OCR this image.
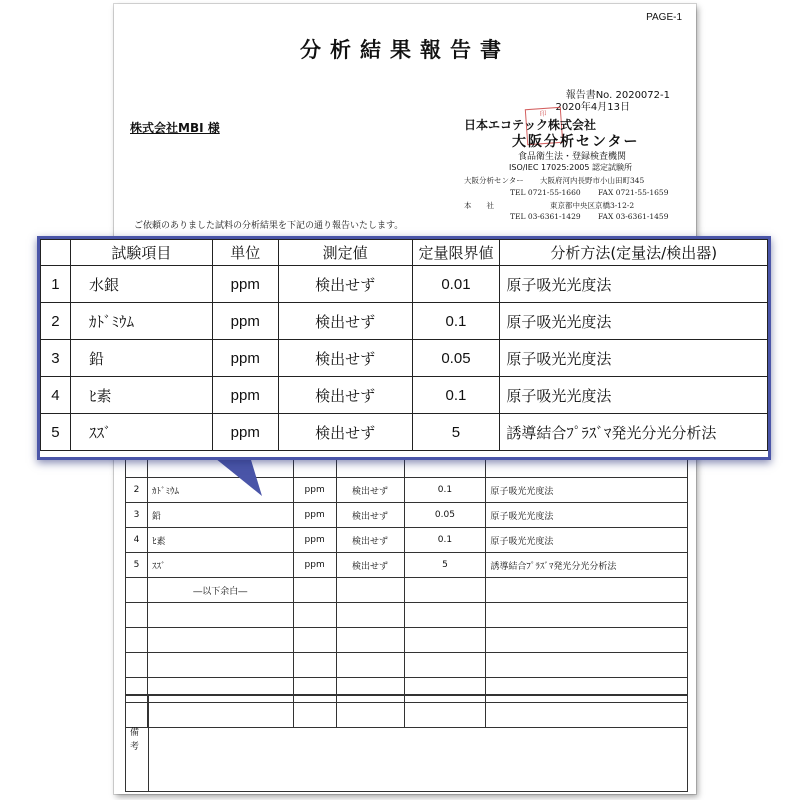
PAGE-1
分析結果報告書
報告書No. 2020072-1
2020年4月13日
株式会社MBI 様
印
日本エコテック株式会社
大阪分析センター
食品衛生法・登録検査機関
ISO/IEC 17025:2005 認定試験所
大阪分析センター 大阪府河内長野市小山田町345
TEL 0721-55-1660 FAX 0721-55-1659
本　　社	東京都中央区京橋3-12-2
TEL 03-6361-1429 FAX 03-6361-1459
ご依頼のありました試料の分析結果を下記の通り報告いたします。

2	ｶﾄﾞﾐｳﾑ	ppm	検出せず	0.1	原子吸光光度法
3	鉛	ppm	検出せず	0.05	原子吸光光度法
4	ﾋ素	ppm	検出せず	0.1	原子吸光光度法
5	ｽｽﾞ	ppm	検出せず	5	誘導結合ﾌﾟﾗｽﾞﾏ発光分光分析法
	―以下余白―				

備考
	試験項目	単位	測定値	定量限界値	分析方法(定量法/検出器)
1	水銀	ppm	検出せず	0.01	原子吸光光度法
2	ｶﾄﾞﾐｳﾑ	ppm	検出せず	0.1	原子吸光光度法
3	鉛	ppm	検出せず	0.05	原子吸光光度法
4	ﾋ素	ppm	検出せず	0.1	原子吸光光度法
5	ｽｽﾞ	ppm	検出せず	5	誘導結合ﾌﾟﾗｽﾞﾏ発光分光分析法
